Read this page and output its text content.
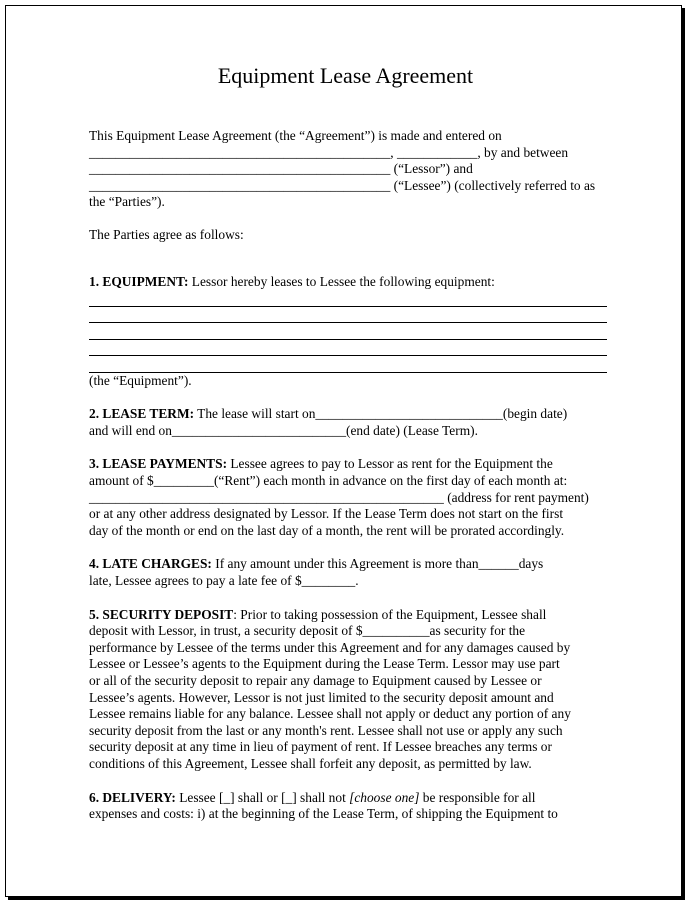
Equipment Lease Agreement
This Equipment Lease Agreement (the “Agreement”) is made and entered on
_____________________________________________, ____________, by and between
_____________________________________________ (“Lessor”) and
_____________________________________________ (“Lessee”) (collectively referred to as
the “Parties”).

The Parties agree as follows:

1. EQUIPMENT: Lessor hereby leases to Lessee the following equipment:
(the “Equipment”).
2. LEASE TERM: The lease will start on____________________________(begin date)
and will end on__________________________(end date) (Lease Term).
3. LEASE PAYMENTS: Lessee agrees to pay to Lessor as rent for the Equipment the
amount of $_________(“Rent”) each month in advance on the first day of each month at:
_____________________________________________________ (address for rent payment)
or at any other address designated by Lessor. If the Lease Term does not start on the first
day of the month or end on the last day of a month, the rent will be prorated accordingly.
4. LATE CHARGES: If any amount under this Agreement is more than______days
late, Lessee agrees to pay a late fee of $________.
5. SECURITY DEPOSIT: Prior to taking possession of the Equipment, Lessee shall
deposit with Lessor, in trust, a security deposit of $__________as security for the
performance by Lessee of the terms under this Agreement and for any damages caused by
Lessee or Lessee’s agents to the Equipment during the Lease Term. Lessor may use part
or all of the security deposit to repair any damage to Equipment caused by Lessee or
Lessee’s agents. However, Lessor is not just limited to the security deposit amount and
Lessee remains liable for any balance. Lessee shall not apply or deduct any portion of any
security deposit from the last or any month's rent. Lessee shall not use or apply any such
security deposit at any time in lieu of payment of rent. If Lessee breaches any terms or
conditions of this Agreement, Lessee shall forfeit any deposit, as permitted by law.
6. DELIVERY: Lessee [_] shall or [_] shall not [choose one] be responsible for all
expenses and costs: i) at the beginning of the Lease Term, of shipping the Equipment to
